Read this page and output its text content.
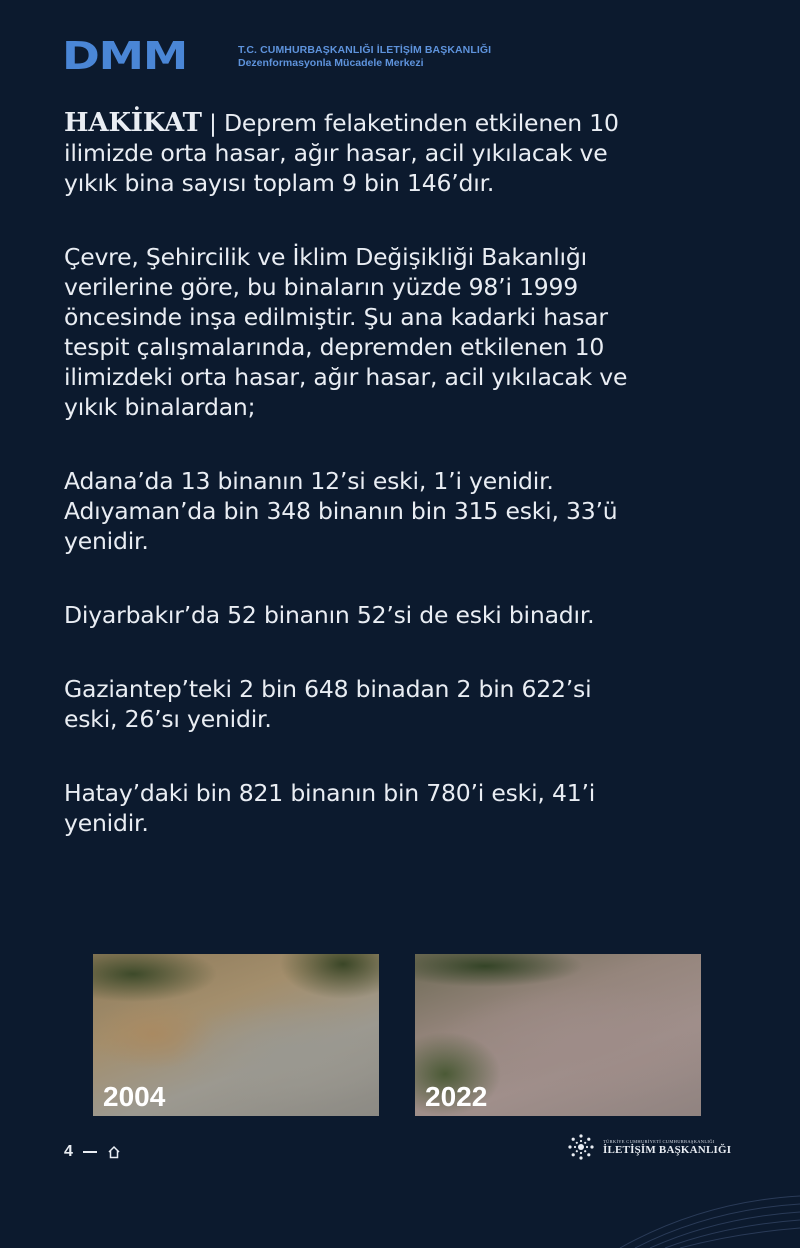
DMM	T.C. CUMHURBAŞKANLIĞI İLETİŞİM BAŞKANLIĞI
Dezenformasyonla Mücadele Merkezi

HAKİKAT | Deprem felaketinden etkilenen 10 ilimizde orta hasar, ağır hasar, acil yıkılacak ve yıkık bina sayısı toplam 9 bin 146’dır.

Çevre, Şehircilik ve İklim Değişikliği Bakanlığı verilerine göre, bu binaların yüzde 98’i 1999 öncesinde inşa edilmiştir. Şu ana kadarki hasar tespit çalışmalarında, depremden etkilenen 10 ilimizdeki orta hasar, ağır hasar, acil yıkılacak ve yıkık binalardan;

Adana’da 13 binanın 12’si eski, 1’i yenidir. Adıyaman’da bin 348 binanın bin 315 eski, 33’ü yenidir.

Diyarbakır’da 52 binanın 52’si de eski binadır.

Gaziantep’teki 2 bin 648 binadan 2 bin 622’si eski, 26’sı yenidir.

Hatay’daki bin 821 binanın bin 780’i eski, 41’i yenidir.

2004	2022
4
TÜRKİYE CUMHURİYETİ CUMHURBAŞKANLIĞI
İLETİŞİM BAŞKANLIĞI
